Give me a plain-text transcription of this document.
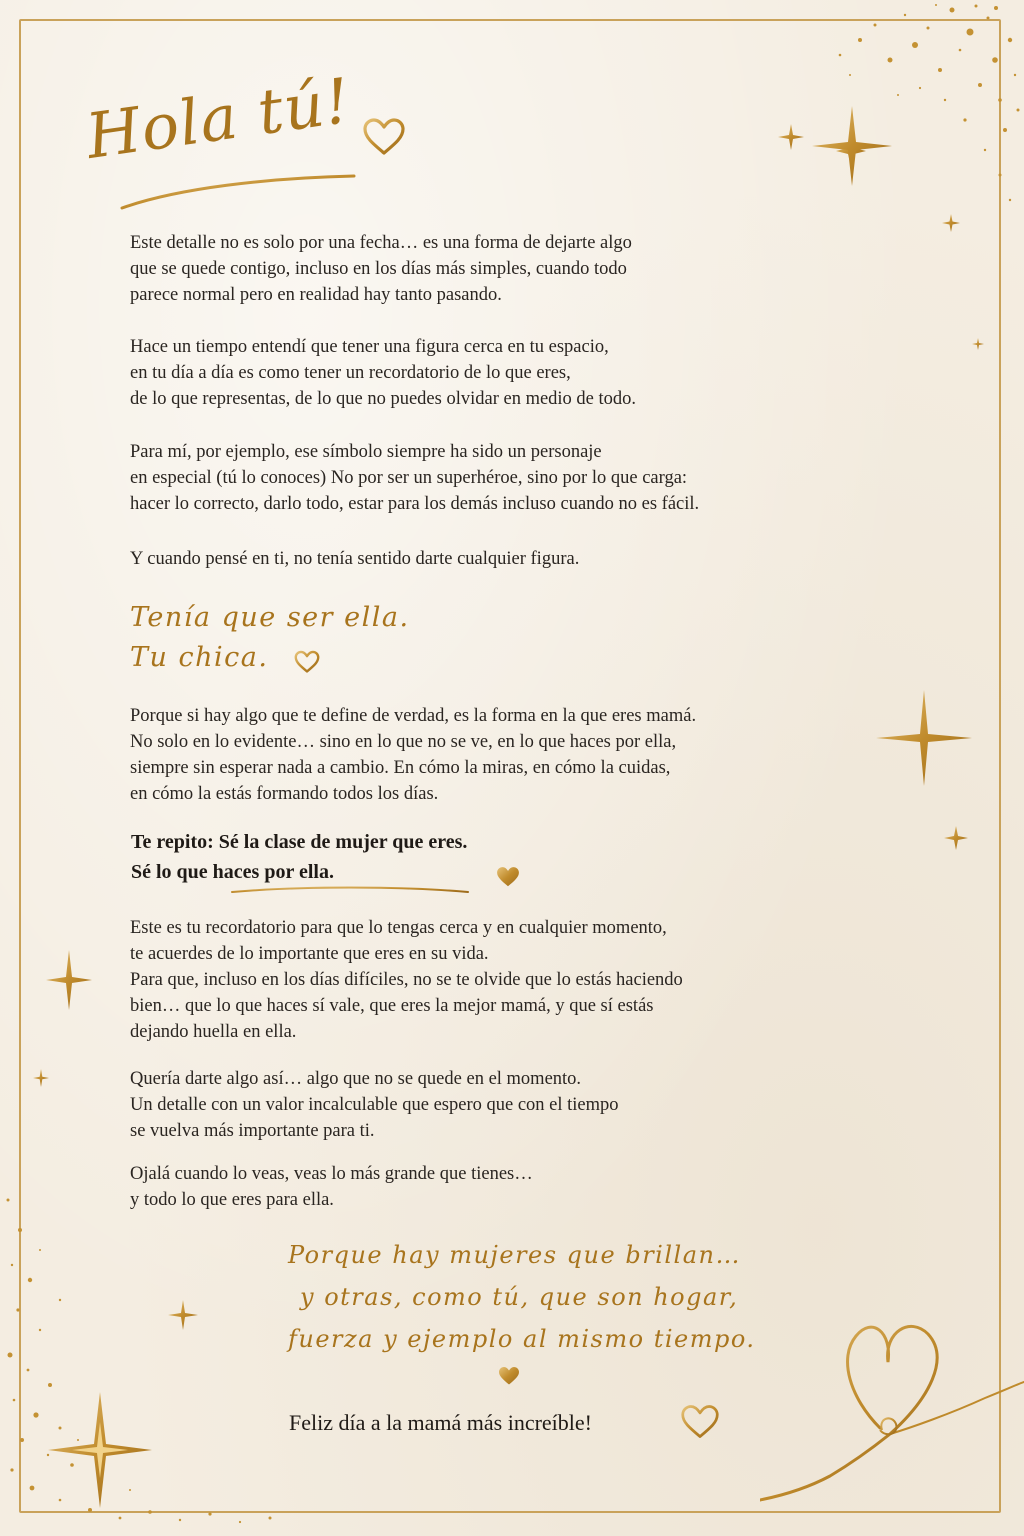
Hola tú!

Este detalle no es solo por una fecha… es una forma de dejarte algo
que se quede contigo, incluso en los días más simples, cuando todo
parece normal pero en realidad hay tanto pasando.

Hace un tiempo entendí que tener una figura cerca en tu espacio,
en tu día a día es como tener un recordatorio de lo que eres,
de lo que representas, de lo que no puedes olvidar en medio de todo.

Para mí, por ejemplo, ese símbolo siempre ha sido un personaje
en especial (tú lo conoces) No por ser un superhéroe, sino por lo que carga:
hacer lo correcto, darlo todo, estar para los demás incluso cuando no es fácil.

Y cuando pensé en ti, no tenía sentido darte cualquier figura.

Tenía que ser ella.
Tu chica.

Porque si hay algo que te define de verdad, es la forma en la que eres mamá.
No solo en lo evidente… sino en lo que no se ve, en lo que haces por ella,
siempre sin esperar nada a cambio. En cómo la miras, en cómo la cuidas,
en cómo la estás formando todos los días.

Te repito: Sé la clase de mujer que eres.
Sé lo que haces por ella.

Este es tu recordatorio para que lo tengas cerca y en cualquier momento,
te acuerdes de lo importante que eres en su vida.
Para que, incluso en los días difíciles, no se te olvide que lo estás haciendo
bien… que lo que haces sí vale, que eres la mejor mamá, y que sí estás
dejando huella en ella.

Quería darte algo así… algo que no se quede en el momento.
Un detalle con un valor incalculable que espero que con el tiempo
se vuelva más importante para ti.

Ojalá cuando lo veas, veas lo más grande que tienes…
y todo lo que eres para ella.

Porque hay mujeres que brillan…
y otras, como tú, que son hogar,
fuerza y ejemplo al mismo tiempo.

Feliz día a la mamá más increíble!
